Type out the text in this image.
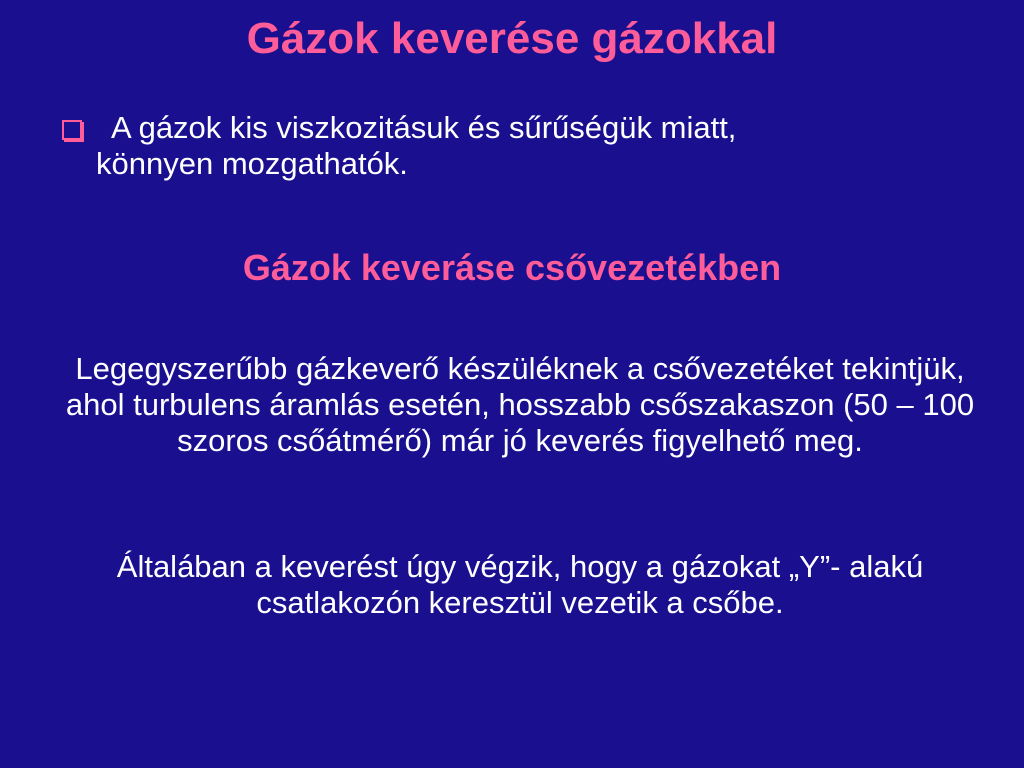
Gázok keverése gázokkal
A gázok kis viszkozitásuk és sűrűségük miatt,
könnyen mozgathatók.
Gázok keveráse csővezetékben
Legegyszerűbb gázkeverő készüléknek a csővezetéket tekintjük, ahol turbulens áramlás esetén, hosszabb csőszakaszon (50 – 100 szoros csőátmérő) már jó keverés figyelhető meg.
Általában a keverést úgy végzik, hogy a gázokat „Y”- alakú csatlakozón keresztül vezetik a csőbe.
